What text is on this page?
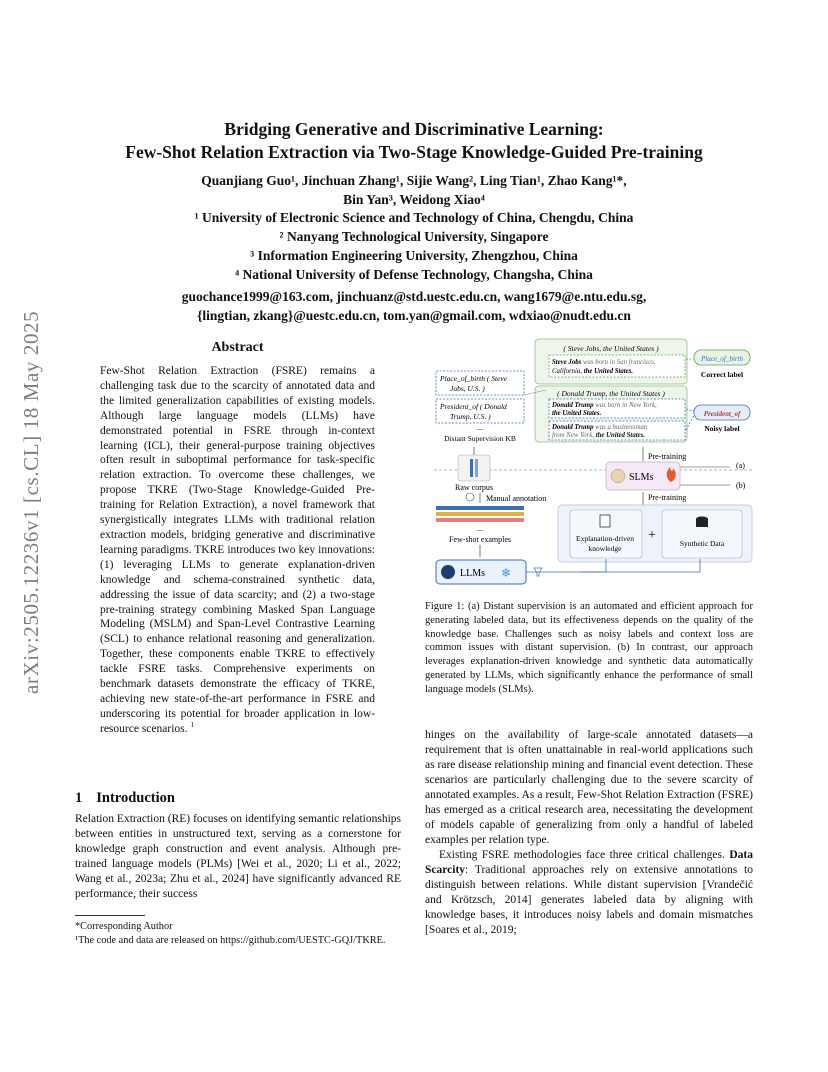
arXiv:2505.12236v1 [cs.CL] 18 May 2025
Bridging Generative and Discriminative Learning:
Few-Shot Relation Extraction via Two-Stage Knowledge-Guided Pre-training
Quanjiang Guo¹, Jinchuan Zhang¹, Sijie Wang², Ling Tian¹, Zhao Kang¹*,
Bin Yan³, Weidong Xiao⁴
¹ University of Electronic Science and Technology of China, Chengdu, China
² Nanyang Technological University, Singapore
³ Information Engineering University, Zhengzhou, China
⁴ National University of Defense Technology, Changsha, China
guochance1999@163.com, jinchuanz@std.uestc.edu.cn, wang1679@e.ntu.edu.sg,
{lingtian, zkang}@uestc.edu.cn, tom.yan@gmail.com, wdxiao@nudt.edu.cn
Abstract
Few-Shot Relation Extraction (FSRE) remains a challenging task due to the scarcity of annotated data and the limited generalization capabilities of existing models. Although large language models (LLMs) have demonstrated potential in FSRE through in-context learning (ICL), their general-purpose training objectives often result in suboptimal performance for task-specific relation extraction. To overcome these challenges, we propose TKRE (Two-Stage Knowledge-Guided Pre-training for Relation Extraction), a novel framework that synergistically integrates LLMs with traditional relation extraction models, bridging generative and discriminative learning paradigms. TKRE introduces two key innovations: (1) leveraging LLMs to generate explanation-driven knowledge and schema-constrained synthetic data, addressing the issue of data scarcity; and (2) a two-stage pre-training strategy combining Masked Span Language Modeling (MSLM) and Span-Level Contrastive Learning (SCL) to enhance relational reasoning and generalization. Together, these components enable TKRE to effectively tackle FSRE tasks. Comprehensive experiments on benchmark datasets demonstrate the efficacy of TKRE, achieving new state-of-the-art performance in FSRE and underscoring its potential for broader application in low-resource scenarios. $^1$
1 Introduction
Relation Extraction (RE) focuses on identifying semantic relationships between entities in unstructured text, serving as a cornerstone for knowledge graph construction and event analysis. Although pre-trained language models (PLMs) [Wei et al., 2020; Li et al., 2022; Wang et al., 2023a; Zhu et al., 2024] have significantly advanced RE performance, their success
*Corresponding Author
¹The code and data are released on https://github.com/UESTC-GQJ/TKRE.
( Steve Jobs, the United States )
Steve Jobs was born in San francisco,
California, the United States.
Place_of_birth
Correct label
( Donald Trump, the United States )
Donald Trump was born in New York,
the United States.
Donald Trump was a businessman
from New York, the United States.
President_of
Noisy label
Place_of_birth ( Steve
Jobs, U.S. )
President_of ( Donald
Trump, U.S. )
...
Distant Supervision KB
Raw corpus
Pre-training
SLMs
(a)
(b)
Pre-training
Manual annotation
...
Few-shot examples	Explanation-driven
knowledge
+
Synthetic Data
LLMs ❄
Figure 1: (a) Distant supervision is an automated and efficient approach for generating labeled data, but its effectiveness depends on the quality of the knowledge base. Challenges such as noisy labels and context loss are common issues with distant supervision. (b) In contrast, our approach leverages explanation-driven knowledge and synthetic data automatically generated by LLMs, which significantly enhance the performance of small language models (SLMs).

hinges on the availability of large-scale annotated datasets—a requirement that is often unattainable in real-world applications such as rare disease relationship mining and financial event detection. These scenarios are particularly challenging due to the severe scarcity of annotated examples. As a result, Few-Shot Relation Extraction (FSRE) has emerged as a critical research area, necessitating the development of models capable of generalizing from only a handful of labeled examples per relation type.

Existing FSRE methodologies face three critical challenges. Data Scarcity: Traditional approaches rely on extensive annotations to distinguish between relations. While distant supervision [Vrandečić and Krötzsch, 2014] generates labeled data by aligning with knowledge bases, it introduces noisy labels and domain mismatches [Soares et al., 2019;
